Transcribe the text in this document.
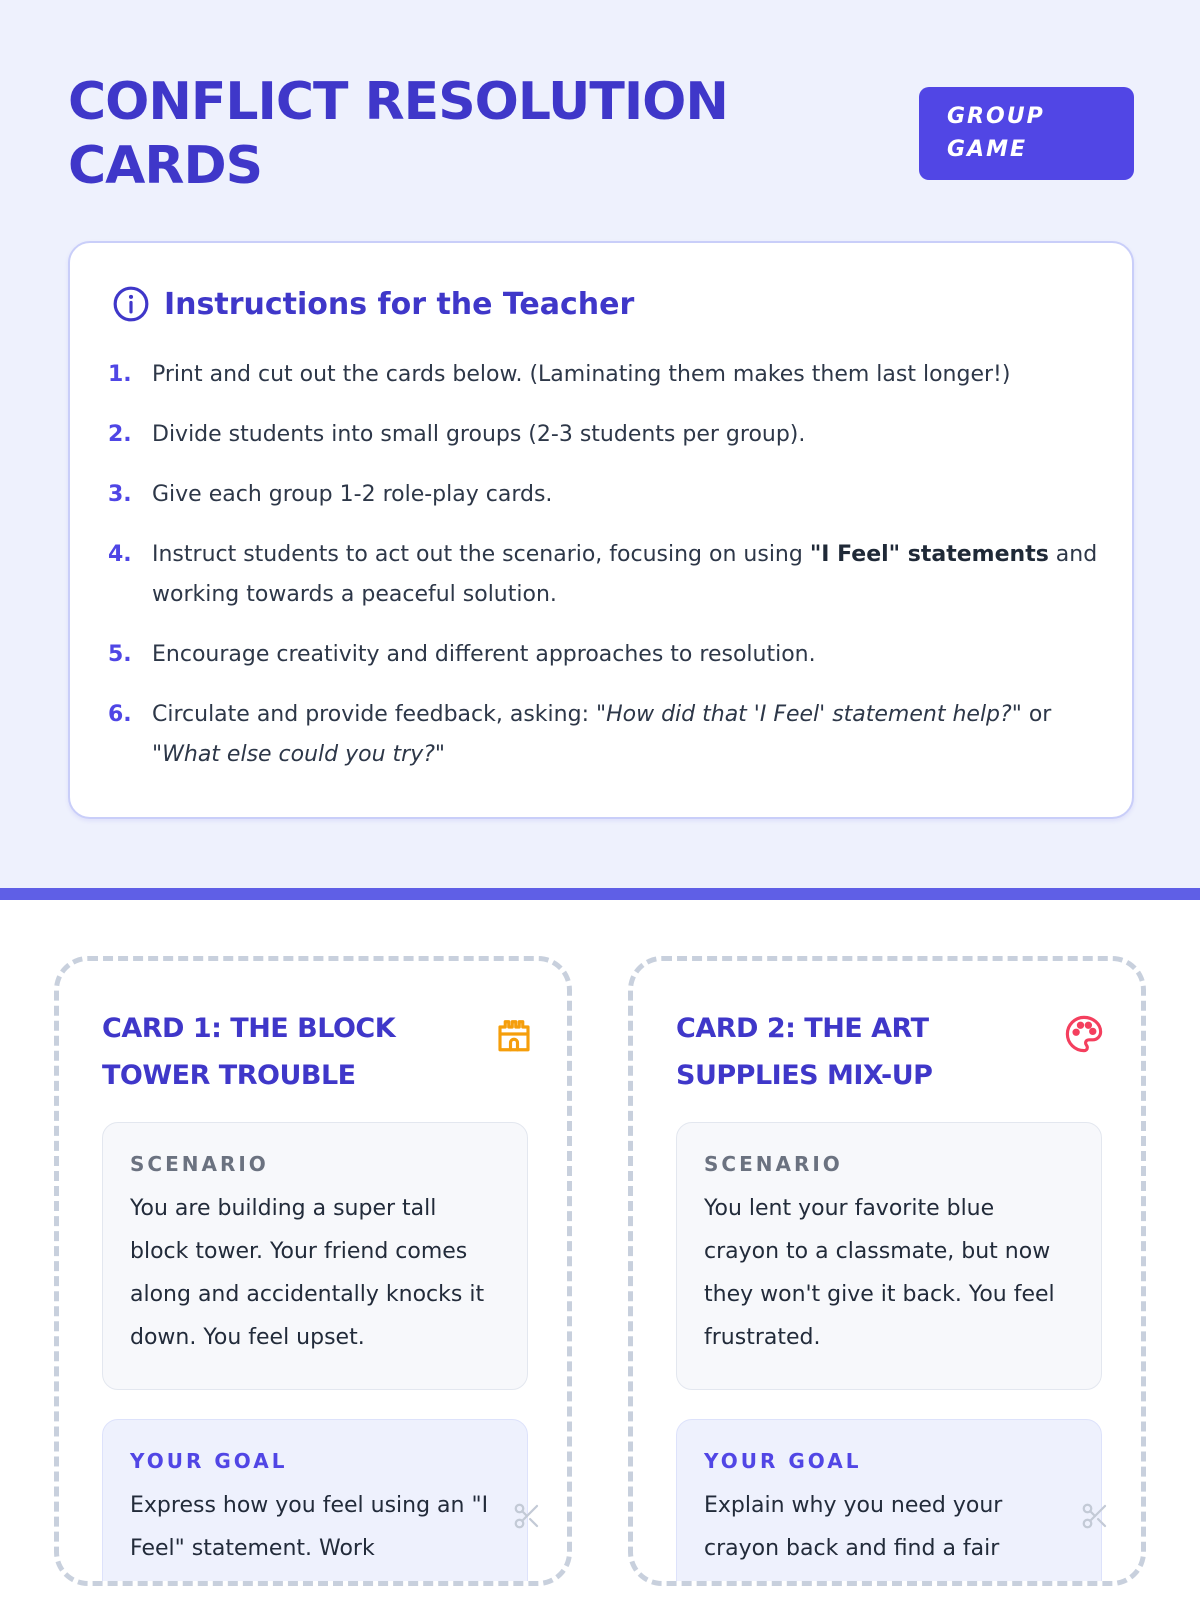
CONFLICT RESOLUTION CARDS
GROUP GAME
Instructions for the Teacher
1. Print and cut out the cards below. (Laminating them makes them last longer!)
2. Divide students into small groups (2-3 students per group).
3. Give each group 1-2 role-play cards.
4. Instruct students to act out the scenario, focusing on using "I Feel" statements and working towards a peaceful solution.
5. Encourage creativity and different approaches to resolution.
6. Circulate and provide feedback, asking: "How did that 'I Feel' statement help?" or "What else could you try?"
CARD 1: THE BLOCK TOWER TROUBLE
SCENARIO

You are building a super tall block tower. Your friend comes along and accidentally knocks it down. You feel upset.

YOUR GOAL

Express how you feel using an "I Feel" statement. Work

CARD 2: THE ART SUPPLIES MIX-UP
SCENARIO

You lent your favorite blue crayon to a classmate, but now they won't give it back. You feel frustrated.

YOUR GOAL

Explain why you need your crayon back and find a fair
